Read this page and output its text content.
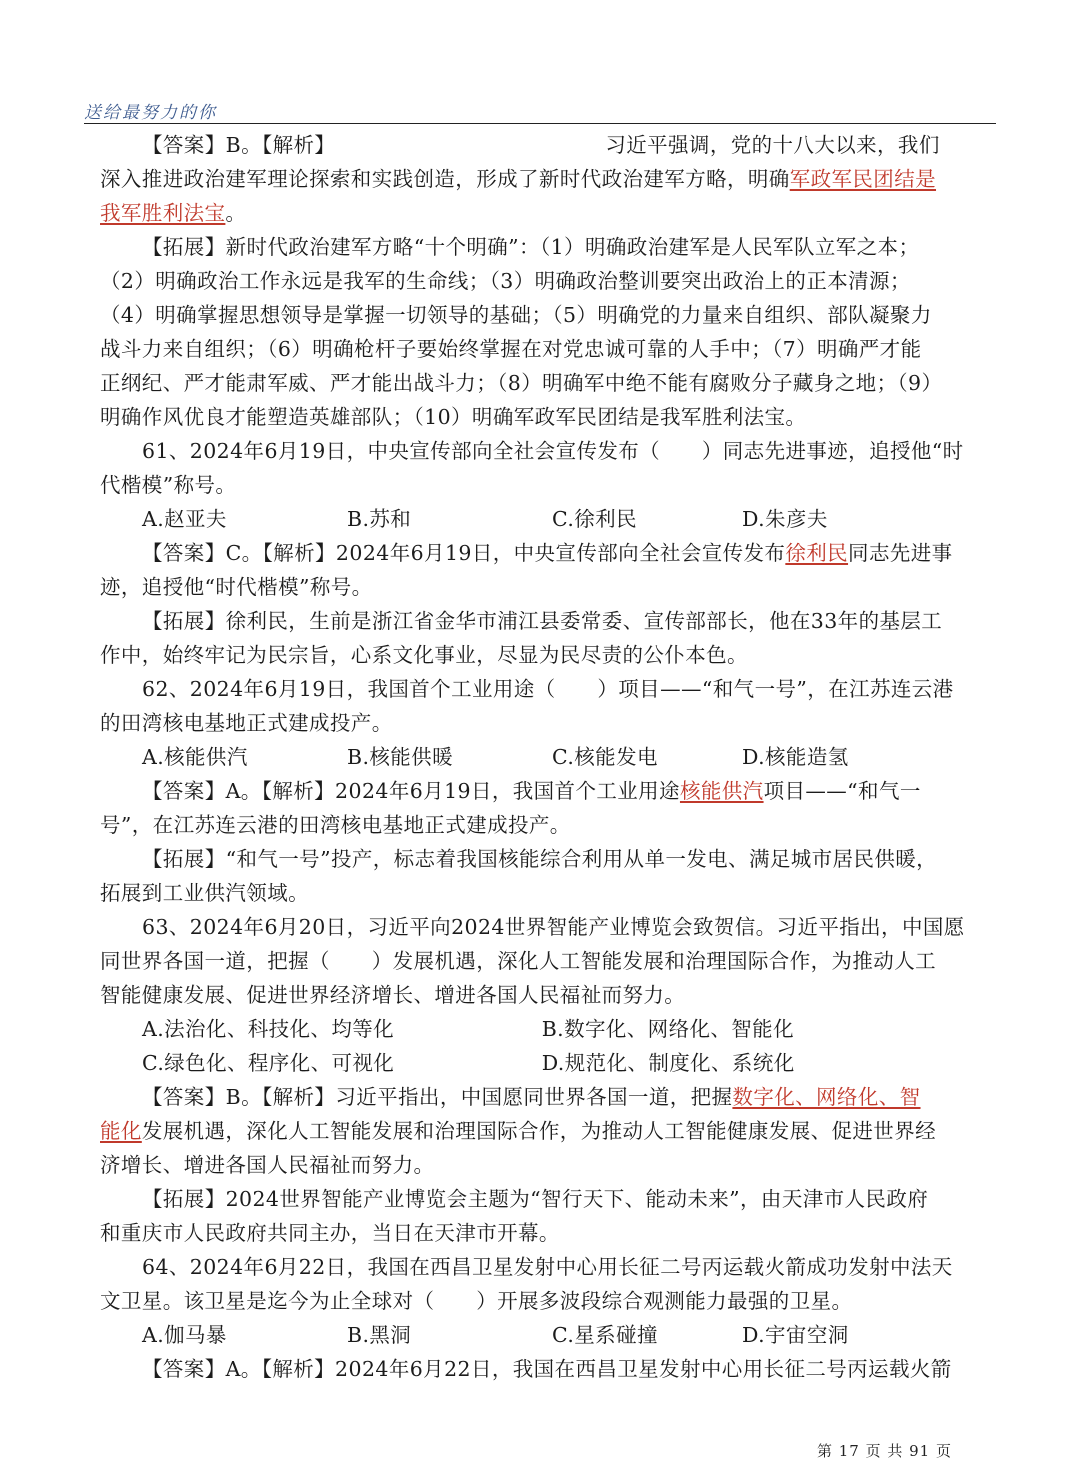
送给最努力的你
【答案】B。【解析】	习近平强调，党的十八大以来，我们
深入推进政治建军理论探索和实践创造，形成了新时代政治建军方略，明确军政军民团结是
我军胜利法宝。
【拓展】新时代政治建军方略“十个明确”：（1）明确政治建军是人民军队立军之本；
（2）明确政治工作永远是我军的生命线；（3）明确政治整训要突出政治上的正本清源；
（4）明确掌握思想领导是掌握一切领导的基础；（5）明确党的力量来自组织、部队凝聚力
战斗力来自组织；（6）明确枪杆子要始终掌握在对党忠诚可靠的人手中；（7）明确严才能
正纲纪、严才能肃军威、严才能出战斗力；（8）明确军中绝不能有腐败分子藏身之地；（9）
明确作风优良才能塑造英雄部队；（10）明确军政军民团结是我军胜利法宝。
61、2024年6月19日，中央宣传部向全社会宣传发布（　　）同志先进事迹，追授他“时
代楷模”称号。
A.赵亚夫	B.苏和	C.徐利民	D.朱彦夫
【答案】C。【解析】2024年6月19日，中央宣传部向全社会宣传发布徐利民同志先进事
迹，追授他“时代楷模”称号。
【拓展】徐利民，生前是浙江省金华市浦江县委常委、宣传部部长，他在33年的基层工
作中，始终牢记为民宗旨，心系文化事业，尽显为民尽责的公仆本色。
62、2024年6月19日，我国首个工业用途（　　）项目——“和气一号”，在江苏连云港
的田湾核电基地正式建成投产。
A.核能供汽	B.核能供暖	C.核能发电	D.核能造氢
【答案】A。【解析】2024年6月19日，我国首个工业用途核能供汽项目——“和气一
号”，在江苏连云港的田湾核电基地正式建成投产。
【拓展】“和气一号”投产，标志着我国核能综合利用从单一发电、满足城市居民供暖，
拓展到工业供汽领域。
63、2024年6月20日，习近平向2024世界智能产业博览会致贺信。习近平指出，中国愿
同世界各国一道，把握（　　）发展机遇，深化人工智能发展和治理国际合作，为推动人工
智能健康发展、促进世界经济增长、增进各国人民福祉而努力。
A.法治化、科技化、均等化	B.数字化、网络化、智能化
C.绿色化、程序化、可视化	D.规范化、制度化、系统化
【答案】B。【解析】习近平指出，中国愿同世界各国一道，把握数字化、网络化、智
能化发展机遇，深化人工智能发展和治理国际合作，为推动人工智能健康发展、促进世界经
济增长、增进各国人民福祉而努力。
【拓展】2024世界智能产业博览会主题为“智行天下、能动未来”，由天津市人民政府
和重庆市人民政府共同主办，当日在天津市开幕。
64、2024年6月22日，我国在西昌卫星发射中心用长征二号丙运载火箭成功发射中法天
文卫星。该卫星是迄今为止全球对（　　）开展多波段综合观测能力最强的卫星。
A.伽马暴	B.黑洞	C.星系碰撞	D.宇宙空洞
【答案】A。【解析】2024年6月22日，我国在西昌卫星发射中心用长征二号丙运载火箭
第 17 页 共 91 页
